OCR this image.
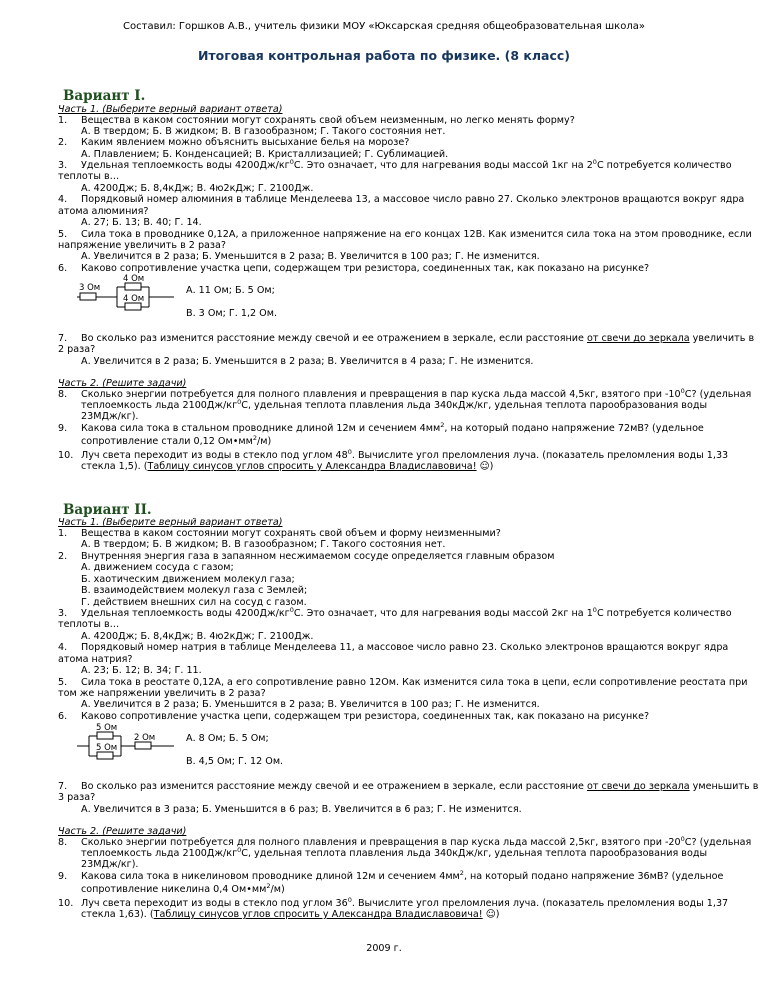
Составил: Горшков А.В., учитель физики МОУ «Юксарская средняя общеобразовательная школа»
Итоговая контрольная работа по физике. (8 класс)
Вариант I.
Часть 1. (Выберите верный вариант ответа)
1. Вещества в каком состоянии могут сохранять свой объем неизменным, но легко менять форму?
А. В твердом; Б. В жидком; В. В газообразном; Г. Такого состояния нет.
2. Каким явлением можно объяснить высыхание белья на морозе?
А. Плавлением; Б. Конденсацией; В. Кристаллизацией; Г. Сублимацией.
3. Удельная теплоемкость воды $4200Дж/кг^0С$. Это означает, что для нагревания воды массой 1кг на $2^0С$ потребуется количество
теплоты в…
А. 4200Дж; Б. 8,4кДж; В. 4ю2кДж; Г. 2100Дж.
4. Порядковый номер алюминия в таблице Менделеева 13, а массовое число равно 27. Сколько электронов вращаются вокруг ядра
атома алюминия?
А. 27; Б. 13; В. 40; Г. 14.
5. Сила тока в проводнике 0,12А, а приложенное напряжение на его концах 12В. Как изменится сила тока на этом проводнике, если
напряжение увеличить в 2 раза?
А. Увеличится в 2 раза; Б. Уменьшится в 2 раза; В. Увеличится в 100 раз; Г. Не изменится.
6. Каково сопротивление участка цепи, содержащем три резистора, соединенных так, как показано на рисунке?
4 Ом
3 Ом
4 Ом
А. 11 Ом; Б. 5 Ом;
В. 3 Ом; Г. 1,2 Ом.
7. Во сколько раз изменится расстояние между свечой и ее отражением в зеркале, если расстояние от свечи до зеркала увеличить в
2 раза?
А. Увеличится в 2 раза; Б. Уменьшится в 2 раза; В. Увеличится в 4 раза; Г. Не изменится.
Часть 2. (Решите задачи)
8. Сколько энергии потребуется для полного плавления и превращения в пар куска льда массой 4,5кг, взятого при $-10^0С$? (удельная
теплоемкость льда $2100Дж/кг^0С$, удельная теплота плавления льда 340кДж/кг, удельная теплота парообразования воды
23МДж/кг).
9. Какова сила тока в стальном проводнике длиной 12м и сечением $4мм^2$, на который подано напряжение 72мВ? (удельное
сопротивление стали 0,12 $Ом•мм^2/м$)
10. Луч света переходит из воды в стекло под углом $48^0$. Вычислите угол преломления луча. (показатель преломления воды 1,33
стекла 1,5). (Таблицу синусов углов спросить у Александра Владиславовича! ☺)
Вариант II.
Часть 1. (Выберите верный вариант ответа)
1. Вещества в каком состоянии могут сохранять свой объем и форму неизменными?
А. В твердом; Б. В жидком; В. В газообразном; Г. Такого состояния нет.
2. Внутренняя энергия газа в запаянном несжимаемом сосуде определяется главным образом
А. движением сосуда с газом;
Б. хаотическим движением молекул газа;
В. взаимодействием молекул газа с Землей;
Г. действием внешних сил на сосуд с газом.
3. Удельная теплоемкость воды $4200Дж/кг^0С$. Это означает, что для нагревания воды массой 2кг на $1^0С$ потребуется количество
теплоты в…
А. 4200Дж; Б. 8,4кДж; В. 4ю2кДж; Г. 2100Дж.
4. Порядковый номер натрия в таблице Менделеева 11, а массовое число равно 23. Сколько электронов вращаются вокруг ядра
атома натрия?
А. 23; Б. 12; В. 34; Г. 11.
5. Сила тока в реостате 0,12А, а его сопротивление равно 12Ом. Как изменится сила тока в цепи, если сопротивление реостата при
том же напряжении увеличить в 2 раза?
А. Увеличится в 2 раза; Б. Уменьшится в 2 раза; В. Увеличится в 100 раз; Г. Не изменится.
6. Каково сопротивление участка цепи, содержащем три резистора, соединенных так, как показано на рисунке?
5 Ом
5 Ом
2 Ом	А. 8 Ом; Б. 5 Ом;
В. 4,5 Ом; Г. 12 Ом.
7. Во сколько раз изменится расстояние между свечой и ее отражением в зеркале, если расстояние от свечи до зеркала уменьшить в
3 раза?
А. Увеличится в 3 раза; Б. Уменьшится в 6 раз; В. Увеличится в 6 раз; Г. Не изменится.
Часть 2. (Решите задачи)
8. Сколько энергии потребуется для полного плавления и превращения в пар куска льда массой 2,5кг, взятого при $-20^0С$? (удельная
теплоемкость льда $2100Дж/кг^0С$, удельная теплота плавления льда 340кДж/кг, удельная теплота парообразования воды
23МДж/кг).
9. Какова сила тока в никелиновом проводнике длиной 12м и сечением $4мм^2$, на который подано напряжение 36мВ? (удельное
сопротивление никелина 0,4 $Ом•мм^2/м$)
10. Луч света переходит из воды в стекло под углом $36^0$. Вычислите угол преломления луча. (показатель преломления воды 1,37
стекла 1,63). (Таблицу синусов углов спросить у Александра Владиславовича! ☺)
2009 г.
